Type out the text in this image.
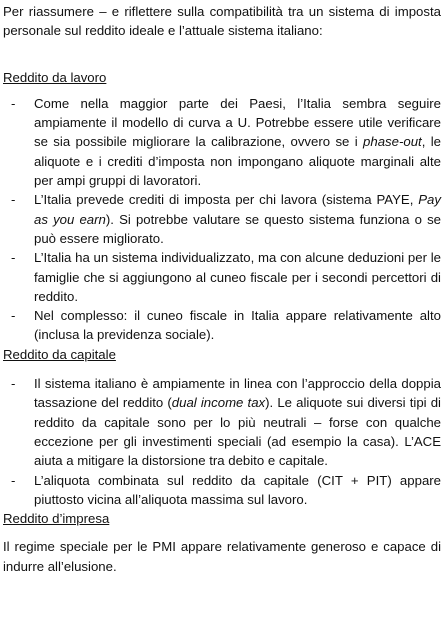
Per riassumere – e riflettere sulla compatibilità tra un sistema di imposta personale sul reddito ideale e l’attuale sistema italiano:

Reddito da lavoro

- Come nella maggior parte dei Paesi, l’Italia sembra seguire ampiamente il modello di curva a U. Potrebbe essere utile verificare se sia possibile migliorare la calibrazione, ovvero se i phase-out, le aliquote e i crediti d’imposta non impongano aliquote marginali alte per ampi gruppi di lavoratori.
- L’Italia prevede crediti di imposta per chi lavora (sistema PAYE, Pay as you earn). Si potrebbe valutare se questo sistema funziona o se può essere migliorato.
- L’Italia ha un sistema individualizzato, ma con alcune deduzioni per le famiglie che si aggiungono al cuneo fiscale per i secondi percettori di reddito.
- Nel complesso: il cuneo fiscale in Italia appare relativamente alto (inclusa la previdenza sociale).

Reddito da capitale

- Il sistema italiano è ampiamente in linea con l’approccio della doppia tassazione del reddito (dual income tax). Le aliquote sui diversi tipi di reddito da capitale sono per lo più neutrali – forse con qualche eccezione per gli investimenti speciali (ad esempio la casa). L’ACE aiuta a mitigare la distorsione tra debito e capitale.
- L’aliquota combinata sul reddito da capitale (CIT + PIT) appare piuttosto vicina all’aliquota massima sul lavoro.

Reddito d’impresa

Il regime speciale per le PMI appare relativamente generoso e capace di indurre all’elusione.
